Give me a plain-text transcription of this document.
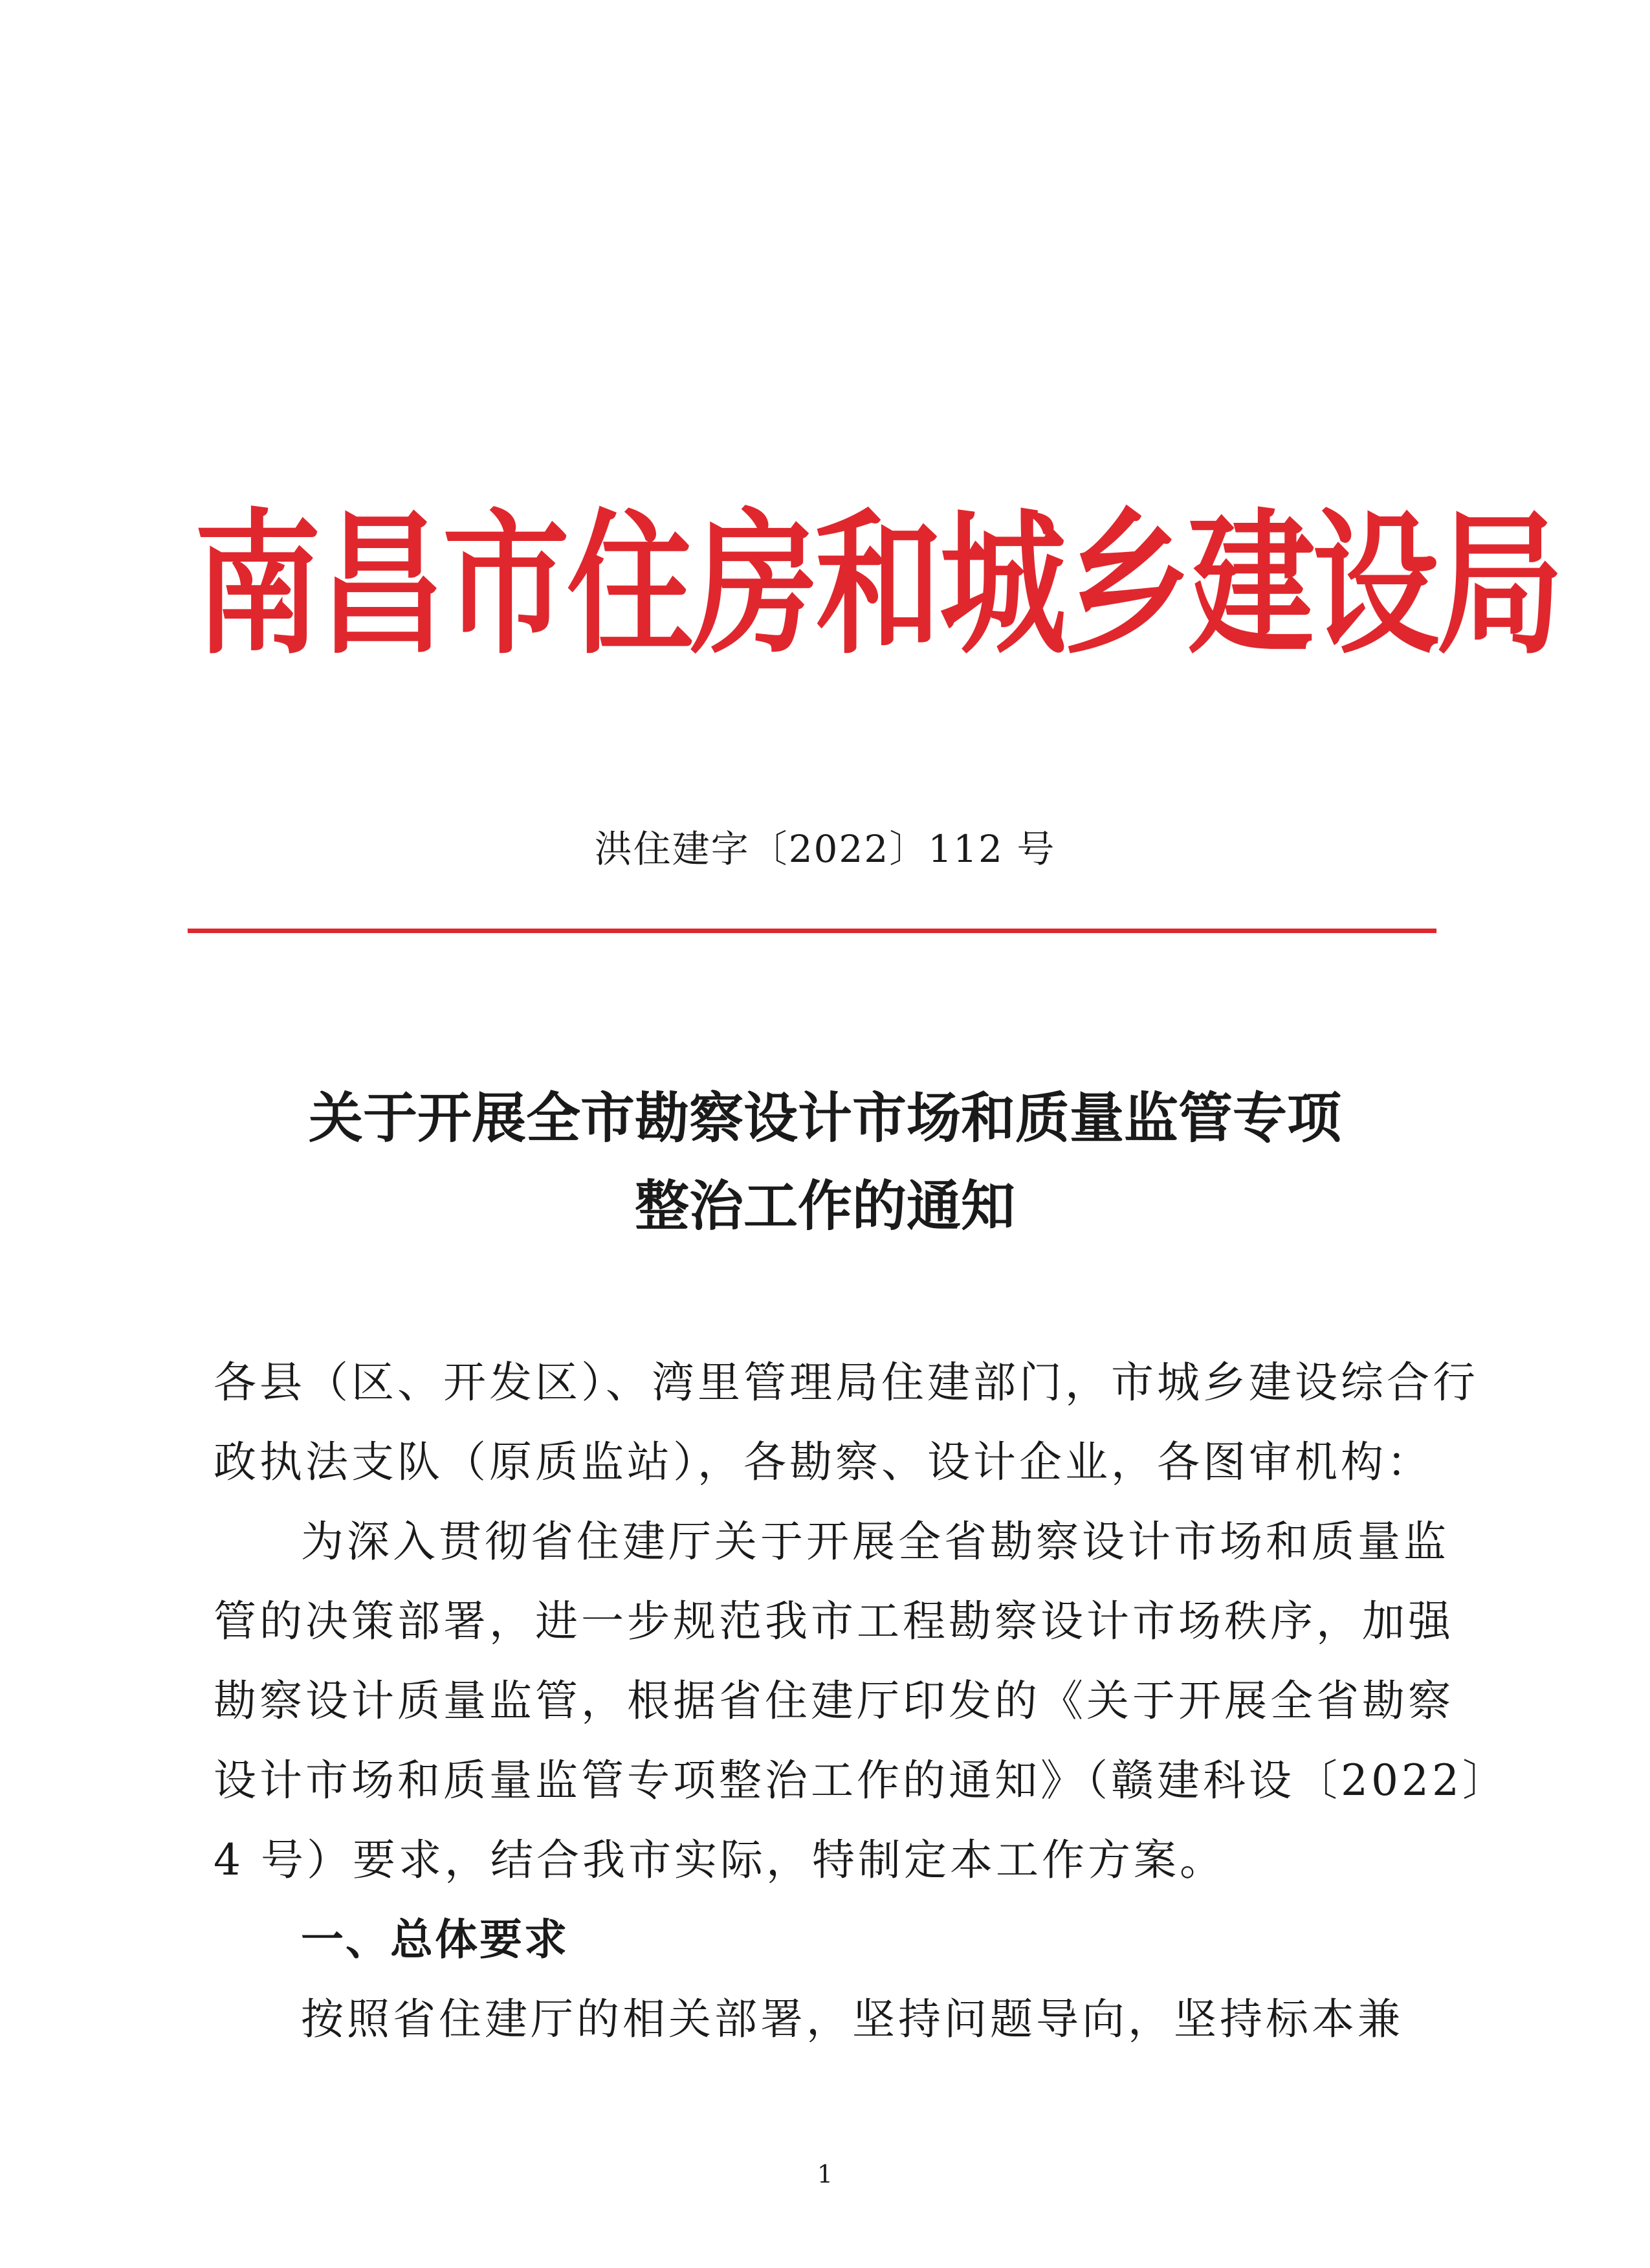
南昌市住房和城乡建设局
洪住建字〔2022〕112 号
关于开展全市勘察设计市场和质量监管专项
整治工作的通知
各县（区、开发区）、湾里管理局住建部门，市城乡建设综合行
政执法支队（原质监站），各勘察、设计企业，各图审机构：
为深入贯彻省住建厅关于开展全省勘察设计市场和质量监
管的决策部署，进一步规范我市工程勘察设计市场秩序，加强
勘察设计质量监管，根据省住建厅印发的《关于开展全省勘察
设计市场和质量监管专项整治工作的通知》（赣建科设〔2022〕
4 号）要求，结合我市实际，特制定本工作方案。
一、总体要求
按照省住建厅的相关部署，坚持问题导向，坚持标本兼
1
